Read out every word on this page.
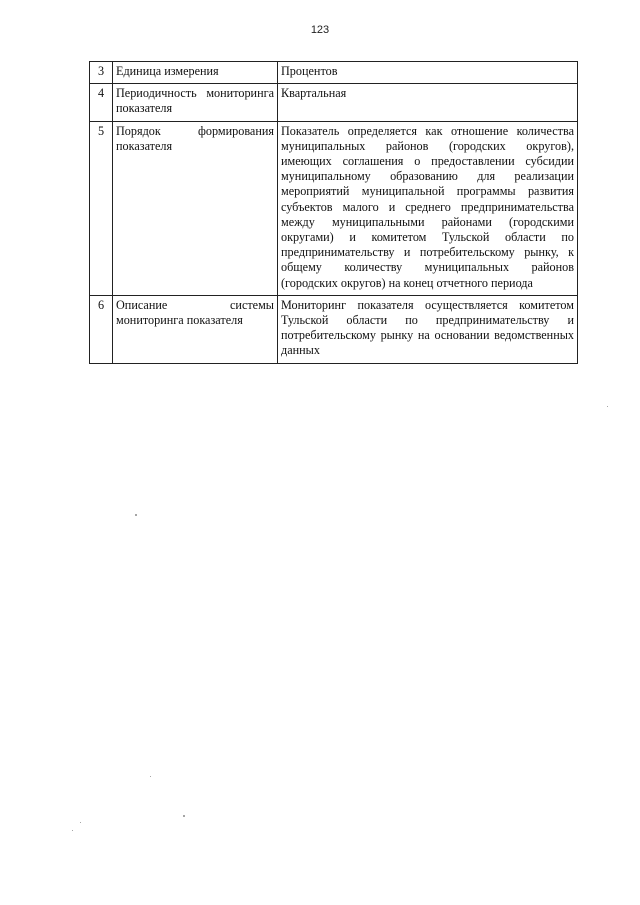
123
3	Единица измерения	Процентов
4	Периодичность мониторинга показателя	Квартальная
5	Порядок формирования показателя	Показатель определяется как отношение количества муниципальных районов (городских округов), имеющих соглашения о предоставлении субсидии муниципальному образованию для реализации мероприятий муниципальной программы развития субъектов малого и среднего предпринимательства между муниципальными районами (городскими округами) и комитетом Тульской области по предпринимательству и потребительскому рынку, к общему количеству муниципальных районов (городских округов) на конец отчетного периода
6	Описание системы мониторинга показателя	Мониторинг показателя осуществляется комитетом Тульской области по предпринимательству и потребительскому рынку на основании ведомственных данных
